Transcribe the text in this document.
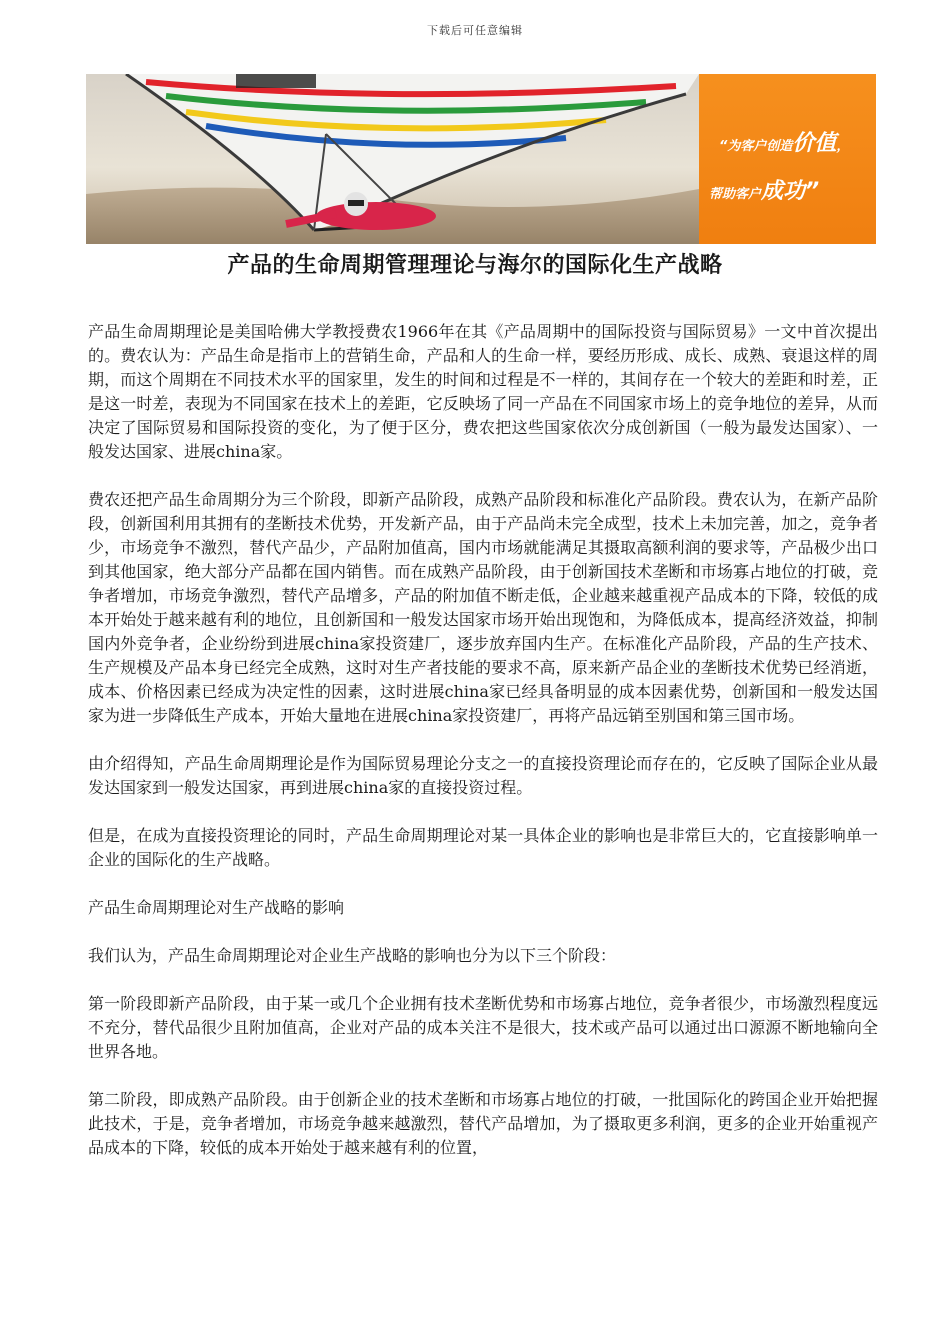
下载后可任意编辑
“为客户创造价值，
帮助客户成功”
产品的生命周期管理理论与海尔的国际化生产战略

产品生命周期理论是美国哈佛大学教授费农1966年在其《产品周期中的国际投资与国际贸易》一文中首次提出的。费农认为：产品生命是指市上的营销生命，产品和人的生命一样，要经历形成、成长、成熟、衰退这样的周期，而这个周期在不同技术水平的国家里，发生的时间和过程是不一样的，其间存在一个较大的差距和时差，正是这一时差，表现为不同国家在技术上的差距，它反映场了同一产品在不同国家市场上的竞争地位的差异，从而决定了国际贸易和国际投资的变化，为了便于区分，费农把这些国家依次分成创新国（一般为最发达国家）、一般发达国家、进展china家。

费农还把产品生命周期分为三个阶段，即新产品阶段，成熟产品阶段和标准化产品阶段。费农认为，在新产品阶段，创新国利用其拥有的垄断技术优势，开发新产品，由于产品尚未完全成型，技术上未加完善，加之，竞争者少，市场竞争不激烈，替代产品少，产品附加值高，国内市场就能满足其摄取高额利润的要求等，产品极少出口到其他国家，绝大部分产品都在国内销售。而在成熟产品阶段，由于创新国技术垄断和市场寡占地位的打破，竞争者增加，市场竞争激烈，替代产品增多，产品的附加值不断走低，企业越来越重视产品成本的下降，较低的成本开始处于越来越有利的地位，且创新国和一般发达国家市场开始出现饱和，为降低成本，提高经济效益，抑制国内外竞争者，企业纷纷到进展china家投资建厂，逐步放弃国内生产。在标准化产品阶段，产品的生产技术、生产规模及产品本身已经完全成熟，这时对生产者技能的要求不高，原来新产品企业的垄断技术优势已经消逝，成本、价格因素已经成为决定性的因素，这时进展china家已经具备明显的成本因素优势，创新国和一般发达国家为进一步降低生产成本，开始大量地在进展china家投资建厂，再将产品远销至别国和第三国市场。

由介绍得知，产品生命周期理论是作为国际贸易理论分支之一的直接投资理论而存在的，它反映了国际企业从最发达国家到一般发达国家，再到进展china家的直接投资过程。

但是，在成为直接投资理论的同时，产品生命周期理论对某一具体企业的影响也是非常巨大的，它直接影响单一企业的国际化的生产战略。

产品生命周期理论对生产战略的影响

我们认为，产品生命周期理论对企业生产战略的影响也分为以下三个阶段：

第一阶段即新产品阶段，由于某一或几个企业拥有技术垄断优势和市场寡占地位，竞争者很少，市场激烈程度远不充分，替代品很少且附加值高，企业对产品的成本关注不是很大，技术或产品可以通过出口源源不断地输向全世界各地。

第二阶段，即成熟产品阶段。由于创新企业的技术垄断和市场寡占地位的打破，一批国际化的跨国企业开始把握此技术，于是，竞争者增加，市场竞争越来越激烈，替代产品增加，为了摄取更多利润，更多的企业开始重视产品成本的下降，较低的成本开始处于越来越有利的位置，
